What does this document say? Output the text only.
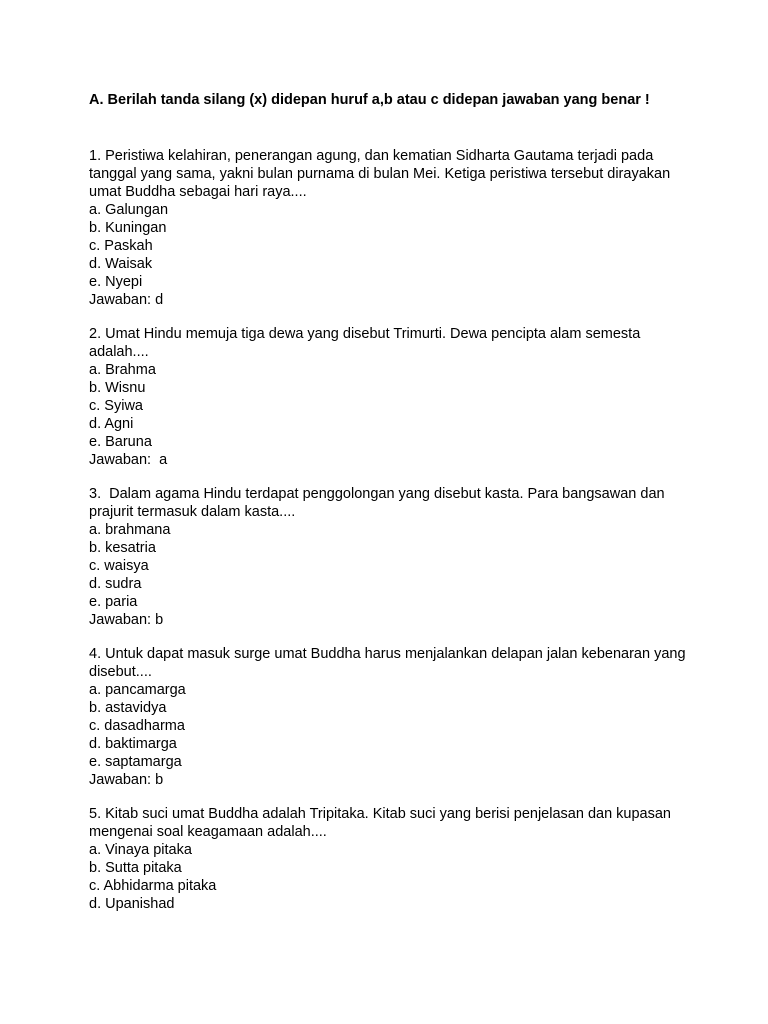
A. Berilah tanda silang (x) didepan huruf a,b atau c didepan jawaban yang benar !

1. Peristiwa kelahiran, penerangan agung, dan kematian Sidharta Gautama terjadi pada tanggal yang sama, yakni bulan purnama di bulan Mei. Ketiga peristiwa tersebut dirayakan umat Buddha sebagai hari raya....

a. Galungan

b. Kuningan

c. Paskah

d. Waisak

e. Nyepi

Jawaban: d

2. Umat Hindu memuja tiga dewa yang disebut Trimurti. Dewa pencipta alam semesta adalah....

a. Brahma

b. Wisnu

c. Syiwa

d. Agni

e. Baruna

Jawaban:  a

3.  Dalam agama Hindu terdapat penggolongan yang disebut kasta. Para bangsawan dan prajurit termasuk dalam kasta....

a. brahmana

b. kesatria

c. waisya

d. sudra

e. paria

Jawaban: b

4. Untuk dapat masuk surge umat Buddha harus menjalankan delapan jalan kebenaran yang disebut....

a. pancamarga

b. astavidya

c. dasadharma

d. baktimarga

e. saptamarga

Jawaban: b

5. Kitab suci umat Buddha adalah Tripitaka. Kitab suci yang berisi penjelasan dan kupasan mengenai soal keagamaan adalah....

a. Vinaya pitaka

b. Sutta pitaka

c. Abhidarma pitaka

d. Upanishad
